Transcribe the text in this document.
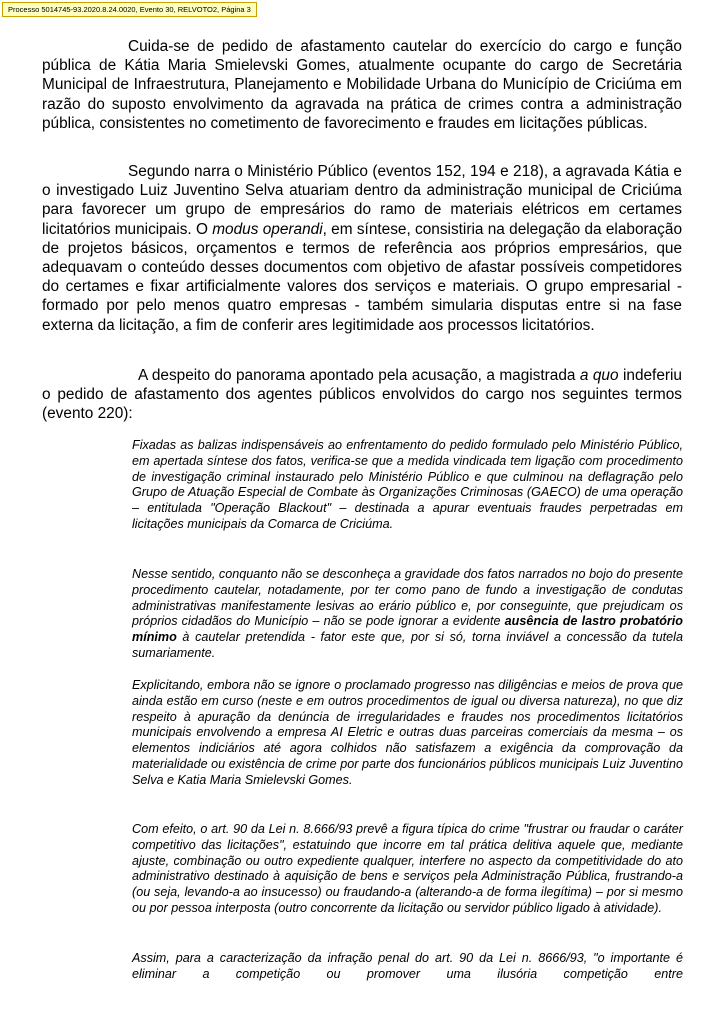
Processo 5014745-93.2020.8.24.0020, Evento 30, RELVOTO2, Página 3

Cuida-se de pedido de afastamento cautelar do exercício do cargo e função pública de Kátia Maria Smielevski Gomes, atualmente ocupante do cargo de Secretária Municipal de Infraestrutura, Planejamento e Mobilidade Urbana do Município de Criciúma em razão do suposto envolvimento da agravada na prática de crimes contra a administração pública, consistentes no cometimento de favorecimento e fraudes em licitações públicas.

Segundo narra o Ministério Público (eventos 152, 194 e 218), a agravada Kátia e o investigado Luiz Juventino Selva atuariam dentro da administração municipal de Criciúma para favorecer um grupo de empresários do ramo de materiais elétricos em certames licitatórios municipais. O modus operandi, em síntese, consistiria na delegação da elaboração de projetos básicos, orçamentos e termos de referência aos próprios empresários, que adequavam o conteúdo desses documentos com objetivo de afastar possíveis competidores do certames e fixar artificialmente valores dos serviços e materiais. O grupo empresarial - formado por pelo menos quatro empresas - também simularia disputas entre si na fase externa da licitação, a fim de conferir ares legitimidade aos processos licitatórios.

A despeito do panorama apontado pela acusação, a magistrada a quo indeferiu o pedido de afastamento dos agentes públicos envolvidos do cargo nos seguintes termos (evento 220):

Fixadas as balizas indispensáveis ao enfrentamento do pedido formulado pelo Ministério Público, em apertada síntese dos fatos, verifica-se que a medida vindicada tem ligação com procedimento de investigação criminal instaurado pelo Ministério Público e que culminou na deflagração pelo Grupo de Atuação Especial de Combate às Organizações Criminosas (GAECO) de uma operação – entitulada "Operação Blackout" – destinada a apurar eventuais fraudes perpetradas em licitações municipais da Comarca de Criciúma.

Nesse sentido, conquanto não se desconheça a gravidade dos fatos narrados no bojo do presente procedimento cautelar, notadamente, por ter como pano de fundo a investigação de condutas administrativas manifestamente lesivas ao erário público e, por conseguinte, que prejudicam os próprios cidadãos do Município – não se pode ignorar a evidente ausência de lastro probatório mínimo à cautelar pretendida - fator este que, por si só, torna inviável a concessão da tutela sumariamente.

Explicitando, embora não se ignore o proclamado progresso nas diligências e meios de prova que ainda estão em curso (neste e em outros procedimentos de igual ou diversa natureza), no que diz respeito à apuração da denúncia de irregularidades e fraudes nos procedimentos licitatórios municipais envolvendo a empresa AI Eletric e outras duas parceiras comerciais da mesma – os elementos indiciários até agora colhidos não satisfazem a exigência da comprovação da materialidade ou existência de crime por parte dos funcionários públicos municipais Luiz Juventino Selva e Katia Maria Smielevski Gomes.

Com efeito, o art. 90 da Lei n. 8.666/93 prevê a figura típica do crime "frustrar ou fraudar o caráter competitivo das licitações", estatuindo que incorre em tal prática delitiva aquele que, mediante ajuste, combinação ou outro expediente qualquer, interfere no aspecto da competitividade do ato administrativo destinado à aquisição de bens e serviços pela Administração Pública, frustrando-a (ou seja, levando-a ao insucesso) ou fraudando-a (alterando-a de forma ilegítima) – por si mesmo ou por pessoa interposta (outro concorrente da licitação ou servidor público ligado à atividade).

Assim, para a caracterização da infração penal do art. 90 da Lei n. 8666/93, "o importante é eliminar a competição ou promover uma ilusória competição entre
